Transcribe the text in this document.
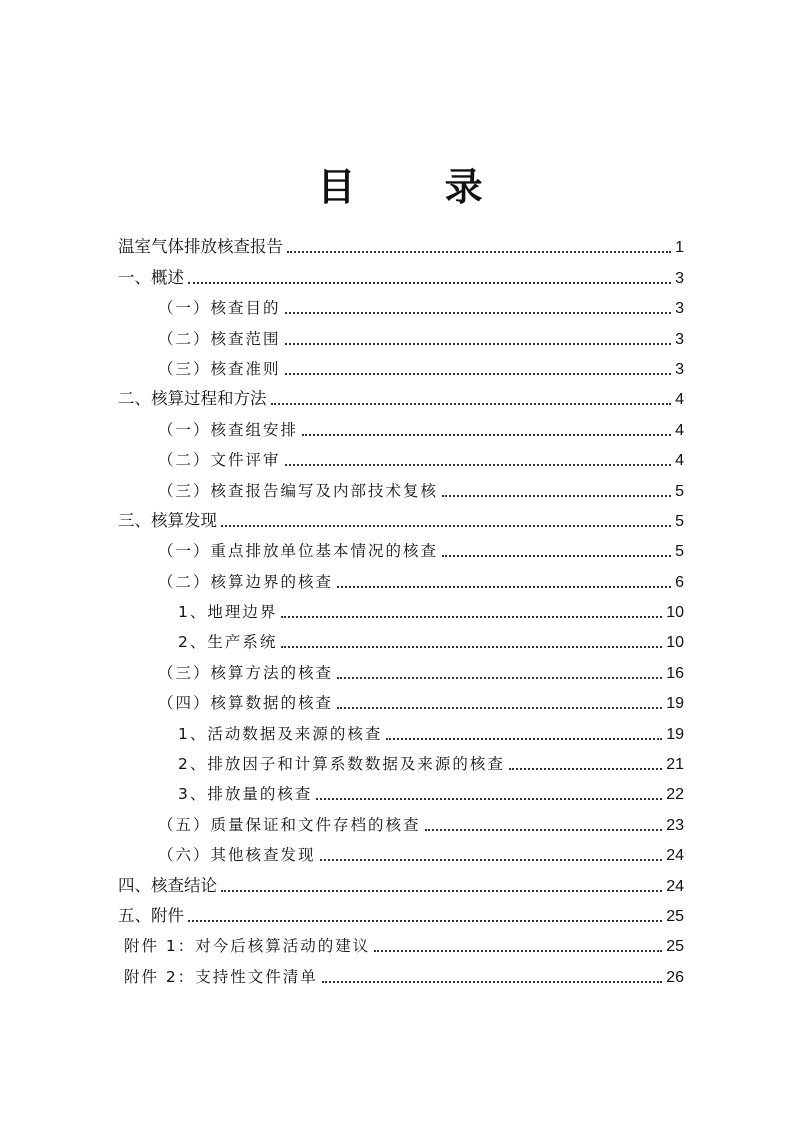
目 录
温室气体排放核查报告	1
一、概述	3
（一）核查目的	3
（二）核查范围	3
（三）核查准则	3
二、核算过程和方法	4
（一）核查组安排	4
（二）文件评审	4
（三）核查报告编写及内部技术复核	5
三、核算发现	5
（一）重点排放单位基本情况的核查	5
（二）核算边界的核查	6
1、地理边界	10
2、生产系统	10
（三）核算方法的核查	16
（四）核算数据的核查	19
1、活动数据及来源的核查	19
2、排放因子和计算系数数据及来源的核查	21
3、排放量的核查	22
（五）质量保证和文件存档的核查	23
（六）其他核查发现	24
四、核查结论	24
五、附件	25
附件 1：对今后核算活动的建议	25
附件 2：支持性文件清单	26
